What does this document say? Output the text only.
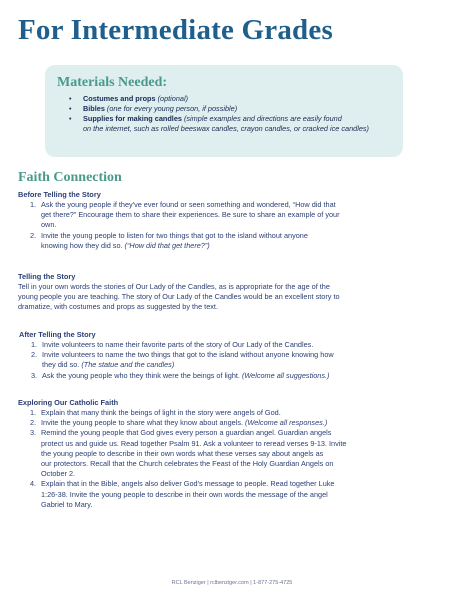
For Intermediate Grades
Materials Needed:
• Costumes and props (optional)
• Bibles (one for every young person, if possible)
• Supplies for making candles (simple examples and directions are easily found
on the internet, such as rolled beeswax candles, crayon candles, or cracked ice candles)
Faith Connection

Before Telling the Story

1. Ask the young people if they've ever found or seen something and wondered, “How did that
get there?” Encourage them to share their experiences. Be sure to share an example of your
own.
2. Invite the young people to listen for two things that got to the island without anyone
knowing how they did so. (“How did that get there?”)

Telling the Story

Tell in your own words the stories of Our Lady of the Candles, as is appropriate for the age of the

young people you are teaching. The story of Our Lady of the Candles would be an excellent story to

dramatize, with costumes and props as suggested by the text.

After Telling the Story

1. Invite volunteers to name their favorite parts of the story of Our Lady of the Candles.
2. Invite volunteers to name the two things that got to the island without anyone knowing how
they did so. (The statue and the candles)
3. Ask the young people who they think were the beings of light. (Welcome all suggestions.)

Exploring Our Catholic Faith

1. Explain that many think the beings of light in the story were angels of God.
2. Invite the young people to share what they know about angels. (Welcome all responses.)
3. Remind the young people that God gives every person a guardian angel. Guardian angels
protect us and guide us. Read together Psalm 91. Ask a volunteer to reread verses 9-13. Invite
the young people to describe in their own words what these verses say about angels as
our protectors. Recall that the Church celebrates the Feast of the Holy Guardian Angels on
October 2.
4. Explain that in the Bible, angels also deliver God's message to people. Read together Luke
1:26-38. Invite the young people to describe in their own words the message of the angel
Gabriel to Mary.
RCL Benziger | rclbenziger.com | 1-877-275-4725
